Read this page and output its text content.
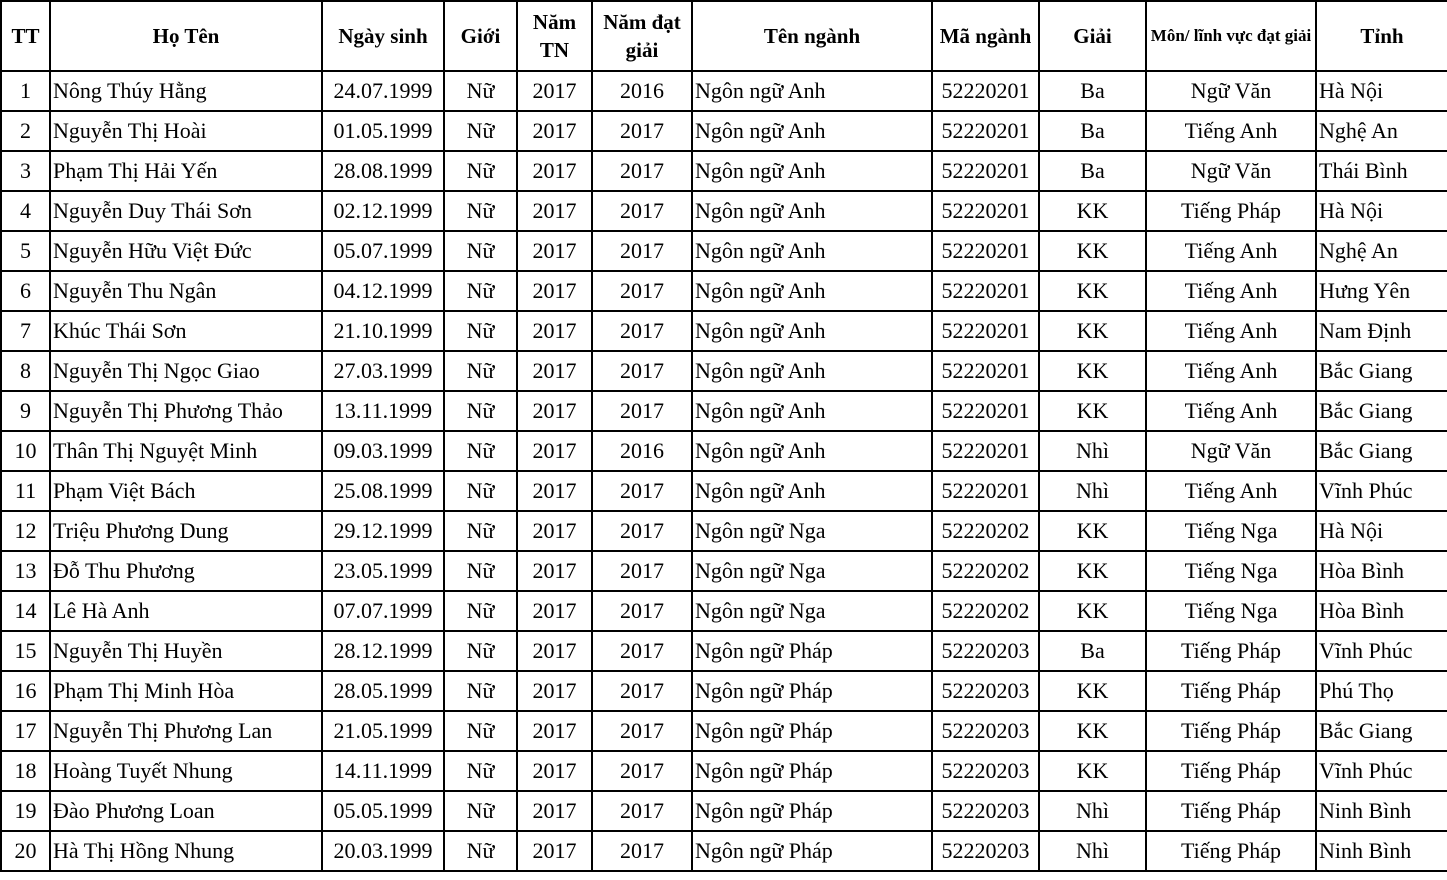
TT	Họ Tên	Ngày sinh	Giới	Năm TN	Năm đạt giải	Tên ngành	Mã ngành	Giải	Môn/ lĩnh vực đạt giải	Tỉnh
1	Nông Thúy Hằng	24.07.1999	Nữ	2017	2016	Ngôn ngữ Anh	52220201	Ba	Ngữ Văn	Hà Nội
2	Nguyễn Thị Hoài	01.05.1999	Nữ	2017	2017	Ngôn ngữ Anh	52220201	Ba	Tiếng Anh	Nghệ An
3	Phạm Thị Hải Yến	28.08.1999	Nữ	2017	2017	Ngôn ngữ Anh	52220201	Ba	Ngữ Văn	Thái Bình
4	Nguyễn Duy Thái Sơn	02.12.1999	Nữ	2017	2017	Ngôn ngữ Anh	52220201	KK	Tiếng Pháp	Hà Nội
5	Nguyễn Hữu Việt Đức	05.07.1999	Nữ	2017	2017	Ngôn ngữ Anh	52220201	KK	Tiếng Anh	Nghệ An
6	Nguyễn Thu Ngân	04.12.1999	Nữ	2017	2017	Ngôn ngữ Anh	52220201	KK	Tiếng Anh	Hưng Yên
7	Khúc Thái Sơn	21.10.1999	Nữ	2017	2017	Ngôn ngữ Anh	52220201	KK	Tiếng Anh	Nam Định
8	Nguyễn Thị Ngọc Giao	27.03.1999	Nữ	2017	2017	Ngôn ngữ Anh	52220201	KK	Tiếng Anh	Bắc Giang
9	Nguyễn Thị Phương Thảo	13.11.1999	Nữ	2017	2017	Ngôn ngữ Anh	52220201	KK	Tiếng Anh	Bắc Giang
10	Thân Thị Nguyệt Minh	09.03.1999	Nữ	2017	2016	Ngôn ngữ Anh	52220201	Nhì	Ngữ Văn	Bắc Giang
11	Phạm Việt Bách	25.08.1999	Nữ	2017	2017	Ngôn ngữ Anh	52220201	Nhì	Tiếng Anh	Vĩnh Phúc
12	Triệu Phương Dung	29.12.1999	Nữ	2017	2017	Ngôn ngữ Nga	52220202	KK	Tiếng Nga	Hà Nội
13	Đỗ Thu Phương	23.05.1999	Nữ	2017	2017	Ngôn ngữ Nga	52220202	KK	Tiếng Nga	Hòa Bình
14	Lê Hà Anh	07.07.1999	Nữ	2017	2017	Ngôn ngữ Nga	52220202	KK	Tiếng Nga	Hòa Bình
15	Nguyễn Thị Huyền	28.12.1999	Nữ	2017	2017	Ngôn ngữ Pháp	52220203	Ba	Tiếng Pháp	Vĩnh Phúc
16	Phạm Thị Minh Hòa	28.05.1999	Nữ	2017	2017	Ngôn ngữ Pháp	52220203	KK	Tiếng Pháp	Phú Thọ
17	Nguyễn Thị Phương Lan	21.05.1999	Nữ	2017	2017	Ngôn ngữ Pháp	52220203	KK	Tiếng Pháp	Bắc Giang
18	Hoàng Tuyết Nhung	14.11.1999	Nữ	2017	2017	Ngôn ngữ Pháp	52220203	KK	Tiếng Pháp	Vĩnh Phúc
19	Đào Phương Loan	05.05.1999	Nữ	2017	2017	Ngôn ngữ Pháp	52220203	Nhì	Tiếng Pháp	Ninh Bình
20	Hà Thị Hồng Nhung	20.03.1999	Nữ	2017	2017	Ngôn ngữ Pháp	52220203	Nhì	Tiếng Pháp	Ninh Bình
